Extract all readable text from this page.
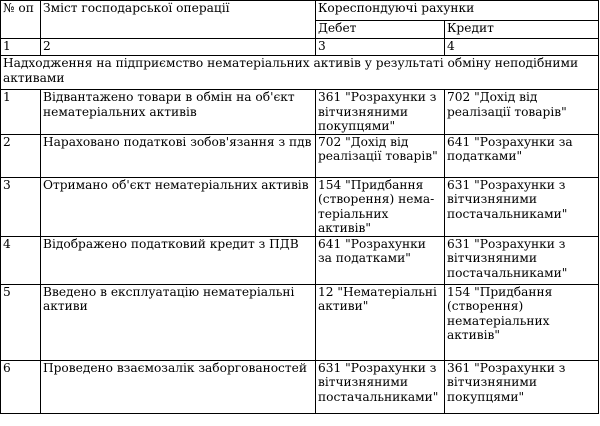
№ оп	Зміст господарської операції	Кореспондуючі рахунки	
		Дебет	Кредит
1	2	3	4
Надходження на підприємство нематеріальних активів у результаті обміну неподібними активами			
1	Відвантажено товари в обмін на об'єкт нематеріальних активів	361 "Розрахунки з вітчизняними покупцями"	702 "Дохід від реалізації товарів"
2	Нараховано податкові зобов'язання з пдв	702 "Дохід від реалізації товарів"	641 "Розрахунки за податками"
3	Отримано об'єкт нематеріальних активів	154 "Придбання (створення) нема-теріальних активів"	631 "Розрахунки з вітчизняними постачальниками"
4	Відображено податковий кредит з ПДВ	641 "Розрахунки за податками"	631 "Розрахунки з вітчизняними постачальниками"
5	Введено в експлуатацію нематеріальні активи	12 "Нематеріальні активи"	154 "Придбання (створення) нематеріальних активів"
6	Проведено взаємозалік заборгованостей	631 "Розрахунки з вітчизняними постачальниками"	361 "Розрахунки з вітчизняними покупцями"
